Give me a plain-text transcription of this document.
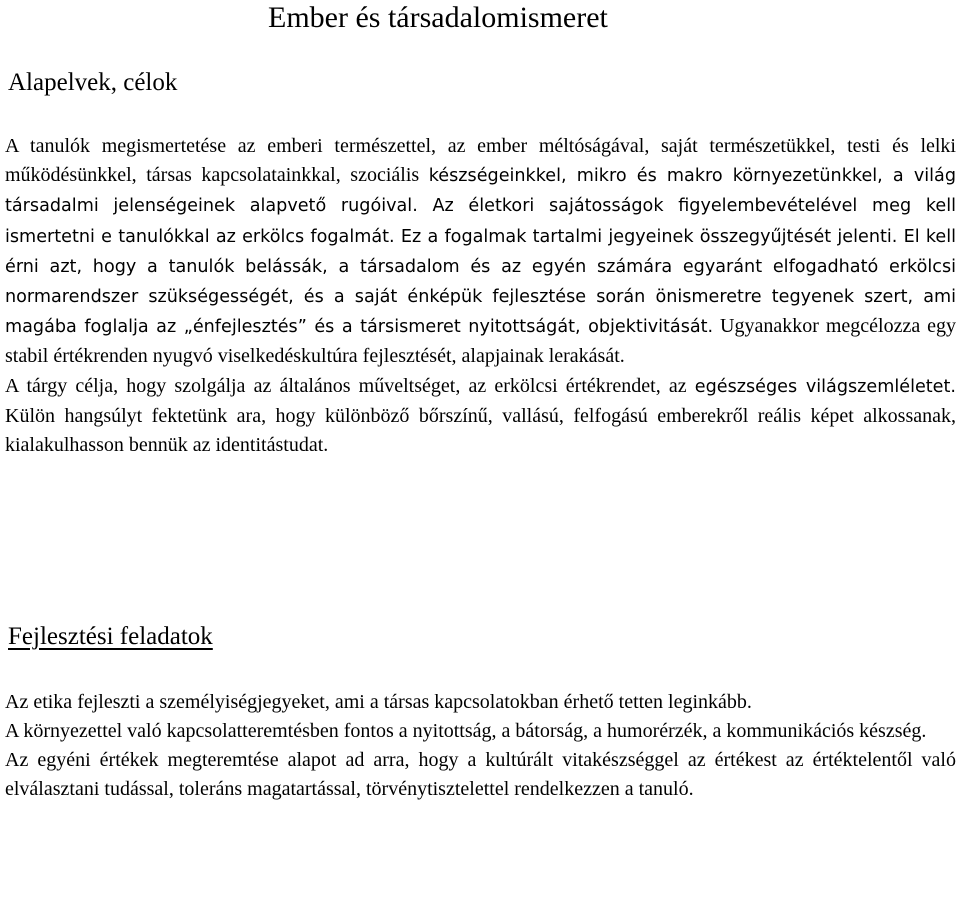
Ember és társadalomismeret
Alapelvek, célok

A tanulók megismertetése az emberi természettel, az ember méltóságával, saját természetükkel, testi és lelki működésünkkel, társas kapcsolatainkkal, szociális készségeinkkel, mikro és makro környezetünkkel, a világ társadalmi jelenségeinek alapvető rugóival. Az életkori sajátosságok figyelembevételével meg kell ismertetni e tanulókkal az erkölcs fogalmát. Ez a fogalmak tartalmi jegyeinek összegyűjtését jelenti. El kell érni azt, hogy a tanulók belássák, a társadalom és az egyén számára egyaránt elfogadható erkölcsi normarendszer szükségességét, és a saját énképük fejlesztése során önismeretre tegyenek szert, ami magába foglalja az „énfejlesztés” és a társismeret nyitottságát, objektivitását. Ugyanakkor megcélozza egy stabil értékrenden nyugvó viselkedéskultúra fejlesztését, alapjainak lerakását.

A tárgy célja, hogy szolgálja az általános műveltséget, az erkölcsi értékrendet, az egészséges világszemléletet. Külön hangsúlyt fektetünk ara, hogy különböző bőrszínű, vallású, felfogású emberekről reális képet alkossanak, kialakulhasson bennük az identitástudat.

Fejlesztési feladatok

Az etika fejleszti a személyiségjegyeket, ami a társas kapcsolatokban érhető tetten leginkább.

A környezettel való kapcsolatteremtésben fontos a nyitottság, a bátorság, a humorérzék, a kommunikációs készség.

Az egyéni értékek megteremtése alapot ad arra, hogy a kultúrált vitakészséggel az értékest az értéktelentől való elválasztani tudással, toleráns magatartással, törvénytisztelettel rendelkezzen a tanuló.
